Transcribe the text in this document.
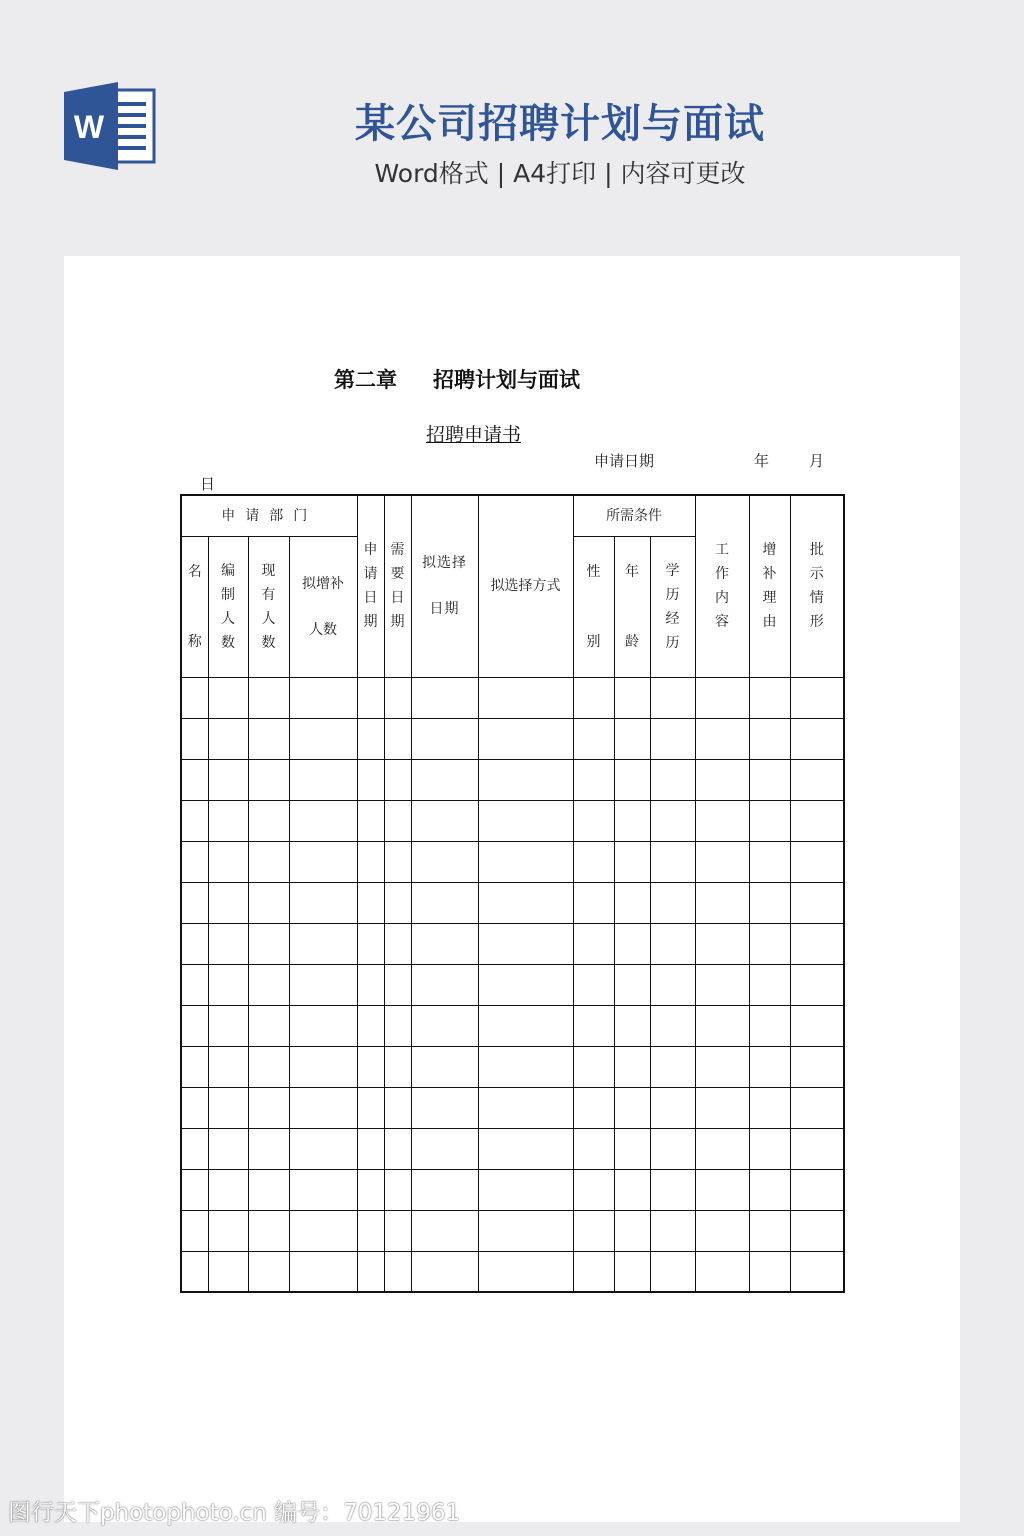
W	某公司招聘计划与面试
Word格式 | A4打印 | 内容可更改
第二章 招聘计划与面试
招聘申请书
申请日期	年	月
日
申请部门				申请日期	需要日期	拟选择日期	拟选择方式	所需条件			工作内容	增补理由	批示情形
名称	编制人数	现有人数	拟增补人数					性别	年龄	学历经历			

图行天下photophoto.cn 编号：70121961
